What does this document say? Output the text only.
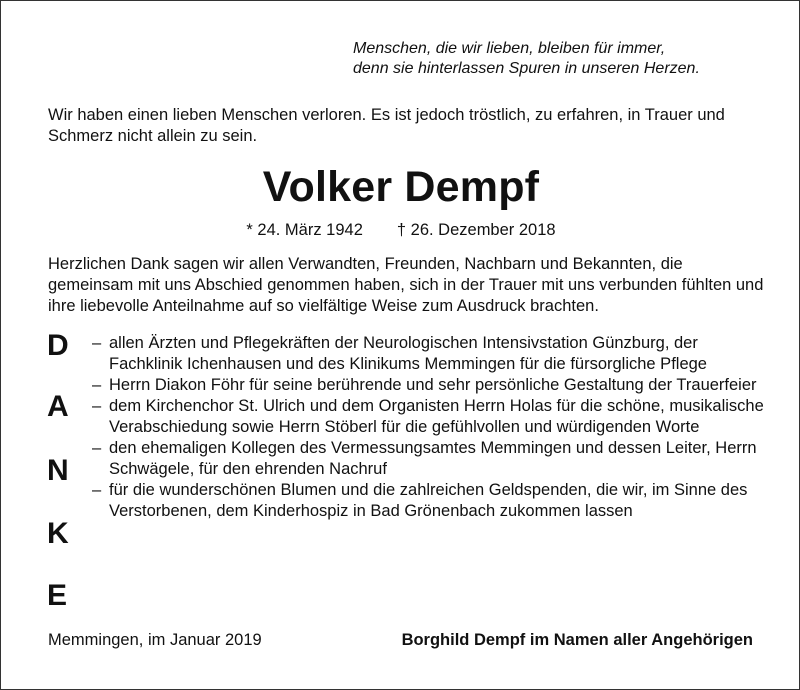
Menschen, die wir lieben, bleiben für immer,
denn sie hinterlassen Spuren in unseren Herzen.
Wir haben einen lieben Menschen verloren. Es ist jedoch tröstlich, zu erfahren, in Trauer und Schmerz nicht allein zu sein.
Volker Dempf
* 24. März 1942 † 26. Dezember 2018
Herzlichen Dank sagen wir allen Verwandten, Freunden, Nachbarn und Bekannten, die gemeinsam mit uns Abschied genommen haben, sich in der Trauer mit uns verbunden fühlten und ihre liebevolle Anteilnahme auf so vielfältige Weise zum Ausdruck brachten.
D
A
N
K
E
– allen Ärzten und Pflegekräften der Neurologischen Intensivstation Günzburg, der Fachklinik Ichenhausen und des Klinikums Memmingen für die fürsorgliche Pflege
– Herrn Diakon Föhr für seine berührende und sehr persönliche Gestaltung der Trauerfeier
– dem Kirchenchor St. Ulrich und dem Organisten Herrn Holas für die schöne, musikalische Verabschiedung sowie Herrn Stöberl für die gefühlvollen und würdigenden Worte
– den ehemaligen Kollegen des Vermessungsamtes Memmingen und dessen Leiter, Herrn Schwägele, für den ehrenden Nachruf
– für die wunderschönen Blumen und die zahlreichen Geldspenden, die wir, im Sinne des Verstorbenen, dem Kinderhospiz in Bad Grönenbach zukommen lassen
Memmingen, im Januar 2019	Borghild Dempf im Namen aller Angehörigen
